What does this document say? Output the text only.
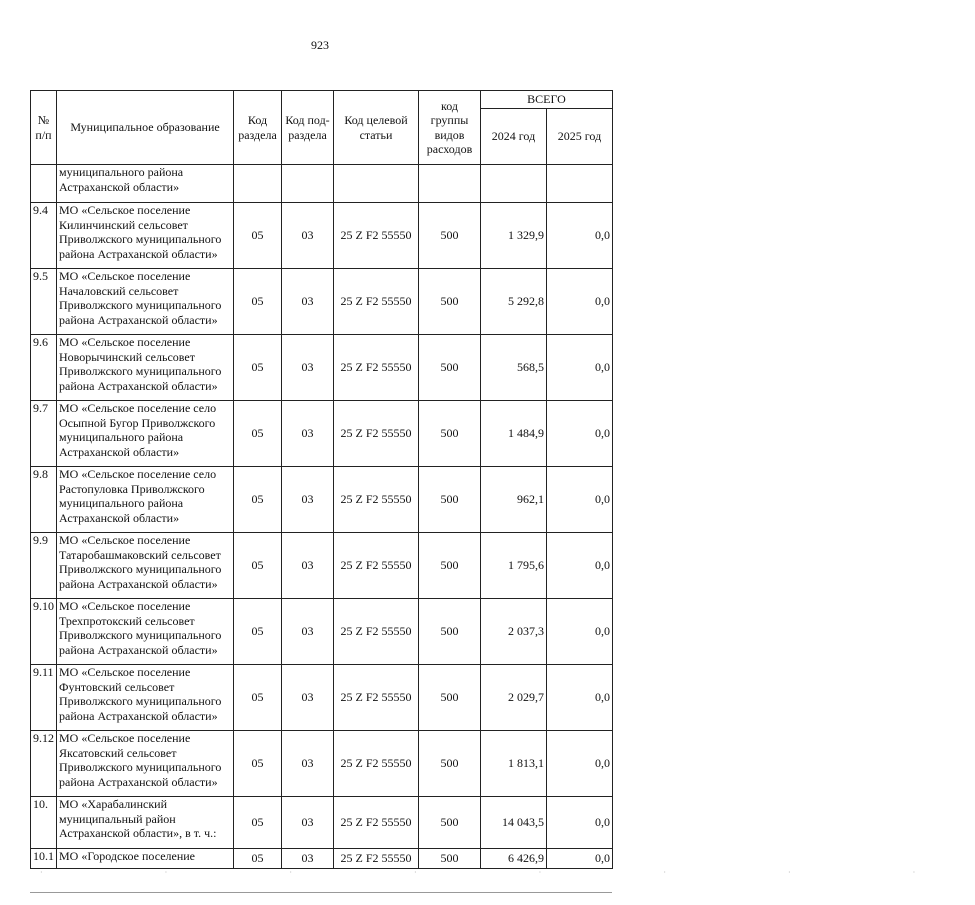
923
№ п/п	Муниципальное образование	Код раздела	Код под-раздела	Код целевой статьи	код группы видов расходов	ВСЕГО	
						2024 год	2025 год

	муниципального района
Астраханской области»						

9.4	МО «Сельское поселение
Килинчинский сельсовет
Приволжского муниципального
района Астраханской области»	05	03	25 Z F2 55550	500	1 329,9	0,0
9.5	МО «Сельское поселение
Началовский сельсовет
Приволжского муниципального
района Астраханской области»	05	03	25 Z F2 55550	500	5 292,8	0,0
9.6	МО «Сельское поселение
Новорычинский сельсовет
Приволжского муниципального
района Астраханской области»	05	03	25 Z F2 55550	500	568,5	0,0
9.7	МО «Сельское поселение село
Осыпной Бугор Приволжского
муниципального района
Астраханской области»	05	03	25 Z F2 55550	500	1 484,9	0,0
9.8	МО «Сельское поселение село
Растопуловка Приволжского
муниципального района
Астраханской области»	05	03	25 Z F2 55550	500	962,1	0,0
9.9	МО «Сельское поселение
Татаробашмаковский сельсовет
Приволжского муниципального
района Астраханской области»	05	03	25 Z F2 55550	500	1 795,6	0,0
9.10	МО «Сельское поселение
Трехпротокский сельсовет
Приволжского муниципального
района Астраханской области»	05	03	25 Z F2 55550	500	2 037,3	0,0
9.11	МО «Сельское поселение
Фунтовский сельсовет
Приволжского муниципального
района Астраханской области»	05	03	25 Z F2 55550	500	2 029,7	0,0
9.12	МО «Сельское поселение
Яксатовский сельсовет
Приволжского муниципального
района Астраханской области»	05	03	25 Z F2 55550	500	1 813,1	0,0
10.	МО «Харабалинский
муниципальный район
Астраханской области», в т. ч.:	05	03	25 Z F2 55550	500	14 043,5	0,0
10.1	МО «Городское поселение	05	03	25 Z F2 55550	500	6 426,9	0,0
· · · · · · · ·
